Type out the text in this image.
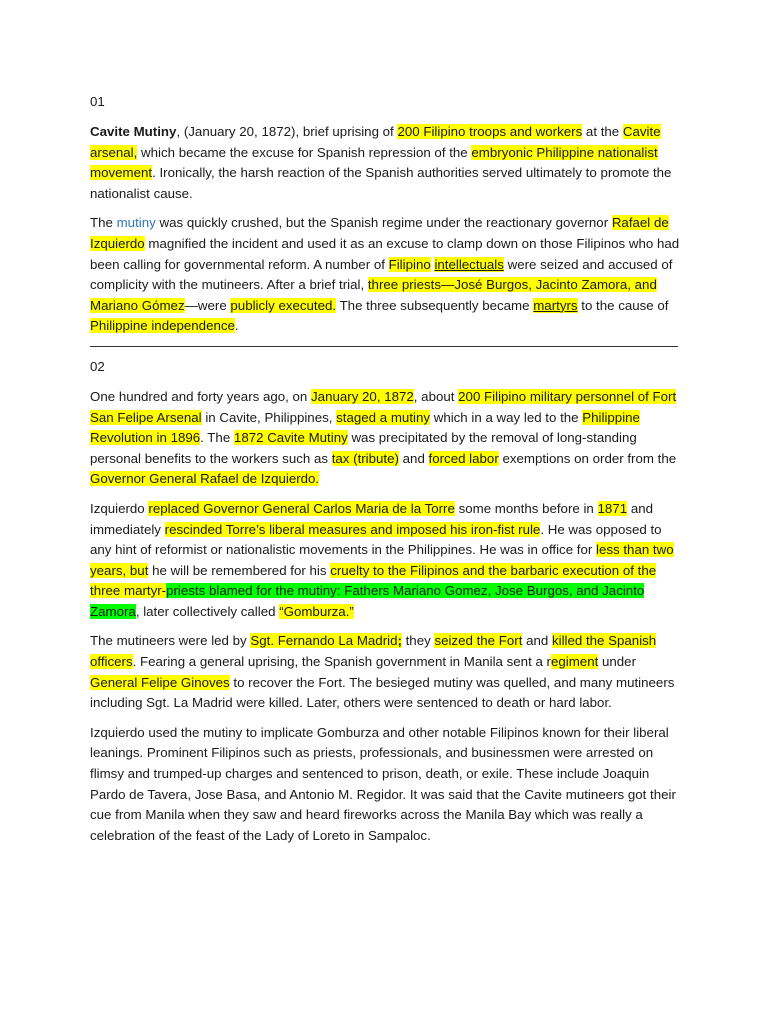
01

Cavite Mutiny, (January 20, 1872), brief uprising of 200 Filipino troops and workers at the Cavite arsenal, which became the excuse for Spanish repression of the embryonic Philippine nationalist movement. Ironically, the harsh reaction of the Spanish authorities served ultimately to promote the nationalist cause.

The mutiny was quickly crushed, but the Spanish regime under the reactionary governor Rafael de Izquierdo magnified the incident and used it as an excuse to clamp down on those Filipinos who had been calling for governmental reform. A number of Filipino intellectuals were seized and accused of complicity with the mutineers. After a brief trial, three priests—José Burgos, Jacinto Zamora, and Mariano Gómez—were publicly executed. The three subsequently became martyrs to the cause of Philippine independence.

02

One hundred and forty years ago, on January 20, 1872, about 200 Filipino military personnel of Fort San Felipe Arsenal in Cavite, Philippines, staged a mutiny which in a way led to the Philippine Revolution in 1896. The 1872 Cavite Mutiny was precipitated by the removal of long-standing personal benefits to the workers such as tax (tribute) and forced labor exemptions on order from the Governor General Rafael de Izquierdo.

Izquierdo replaced Governor General Carlos Maria de la Torre some months before in 1871 and immediately rescinded Torre’s liberal measures and imposed his iron-fist rule. He was opposed to any hint of reformist or nationalistic movements in the Philippines. He was in office for less than two years, but he will be remembered for his cruelty to the Filipinos and the barbaric execution of the three martyr-priests blamed for the mutiny: Fathers Mariano Gomez, Jose Burgos, and Jacinto Zamora, later collectively called “Gomburza.”

The mutineers were led by Sgt. Fernando La Madrid; they seized the Fort and killed the Spanish officers. Fearing a general uprising, the Spanish government in Manila sent a regiment under General Felipe Ginoves to recover the Fort. The besieged mutiny was quelled, and many mutineers including Sgt. La Madrid were killed. Later, others were sentenced to death or hard labor.

Izquierdo used the mutiny to implicate Gomburza and other notable Filipinos known for their liberal leanings. Prominent Filipinos such as priests, professionals, and businessmen were arrested on flimsy and trumped-up charges and sentenced to prison, death, or exile. These include Joaquin Pardo de Tavera, Jose Basa, and Antonio M. Regidor. It was said that the Cavite mutineers got their cue from Manila when they saw and heard fireworks across the Manila Bay which was really a celebration of the feast of the Lady of Loreto in Sampaloc.
